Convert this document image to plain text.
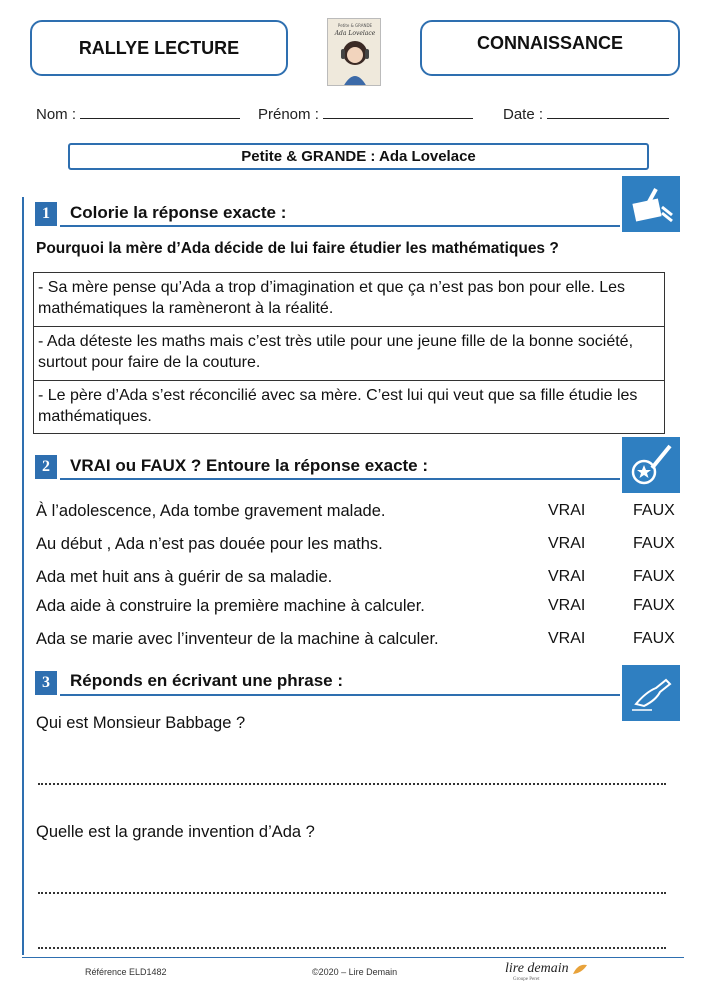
RALLYE LECTURE
Petite & GRANDE
Ada Lovelace	CONNAISSANCE
Nom :	Prénom :	Date :
Petite & GRANDE : Ada Lovelace
1 Colorie la réponse exacte :
Pourquoi la mère d’Ada décide de lui faire étudier les mathématiques ?
- Sa mère pense qu’Ada a trop d’imagination et que ça n’est pas bon pour elle. Les mathématiques la ramèneront à la réalité.
- Ada déteste les maths mais c’est très utile pour une jeune fille de la bonne société, surtout pour faire de la couture.
- Le père d’Ada s’est réconcilié avec sa mère. C’est lui qui veut que sa fille étudie les mathématiques.
2 VRAI ou FAUX ? Entoure la réponse exacte :
À l’adolescence, Ada tombe gravement malade.	VRAI	FAUX
Au début , Ada n’est pas douée pour les maths.	VRAI	FAUX
Ada met huit ans à guérir de sa maladie.	VRAI	FAUX
Ada aide à construire la première machine à calculer.	VRAI	FAUX
Ada se marie avec l’inventeur de la machine à calculer.	VRAI	FAUX
3 Réponds en écrivant une phrase :
Qui est Monsieur Babbage ?
Quelle est la grande invention d’Ada ?
Référence ELD1482	©2020 – Lire Demain	lire demain
Groupe Peret
